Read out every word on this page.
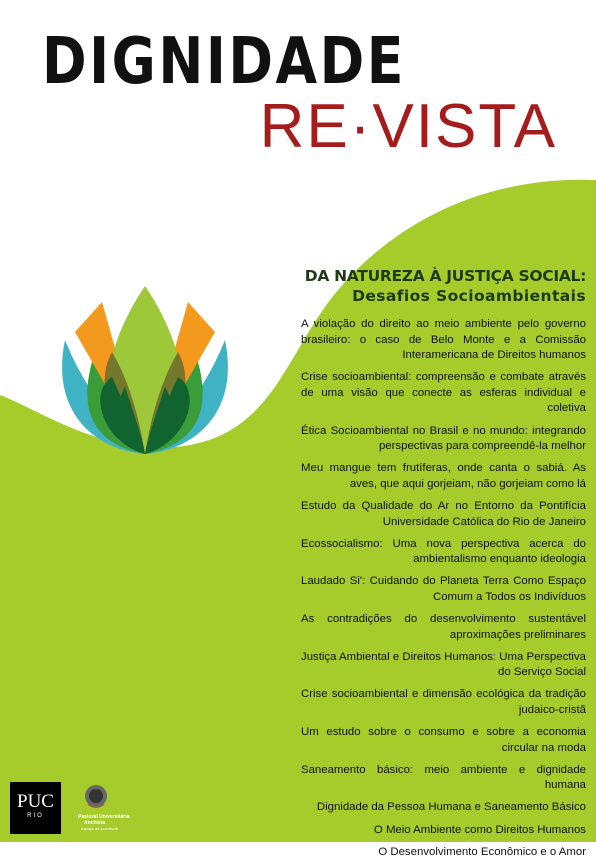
DIGNIDADE
RE·VISTA
DA NATUREZA À JUSTIÇA SOCIAL:
Desafios Socioambientais
A violação do direito ao meio ambiente pelo governo brasileiro: o caso de Belo Monte e a Comissão Interamericana de Direitos humanos
Crise socioambiental: compreensão e combate através de uma visão que conecte as esferas individual e coletiva
Ética Socioambiental no Brasil e no mundo: integrando perspectivas para compreendê-la melhor
Meu mangue tem frutíferas, onde canta o sabiá. As aves, que aqui gorjeiam, não gorjeiam como lá
Estudo da Qualidade do Ar no Entorno da Pontifícia Universidade Católica do Rio de Janeiro
Ecossocialismo: Uma nova perspectiva acerca do ambientalismo enquanto ideologia
Laudado Si': Cuidando do Planeta Terra Como Espaço Comum a Todos os Indivíduos
As contradições do desenvolvimento sustentável aproximações preliminares
Justiça Ambiental e Direitos Humanos: Uma Perspectiva do Serviço Social
Crise socioambiental e dimensão ecológica da tradição judaico-cristã
Um estudo sobre o consumo e sobre a economia circular na moda
Saneamento básico: meio ambiente e dignidade humana
Dignidade da Pessoa Humana e Saneamento Básico
O Meio Ambiente como Direitos Humanos
O Desenvolvimento Econômico e o Amor
PUC
RIO	Pastoral Universitária
Anchieta
espaço de juventude
